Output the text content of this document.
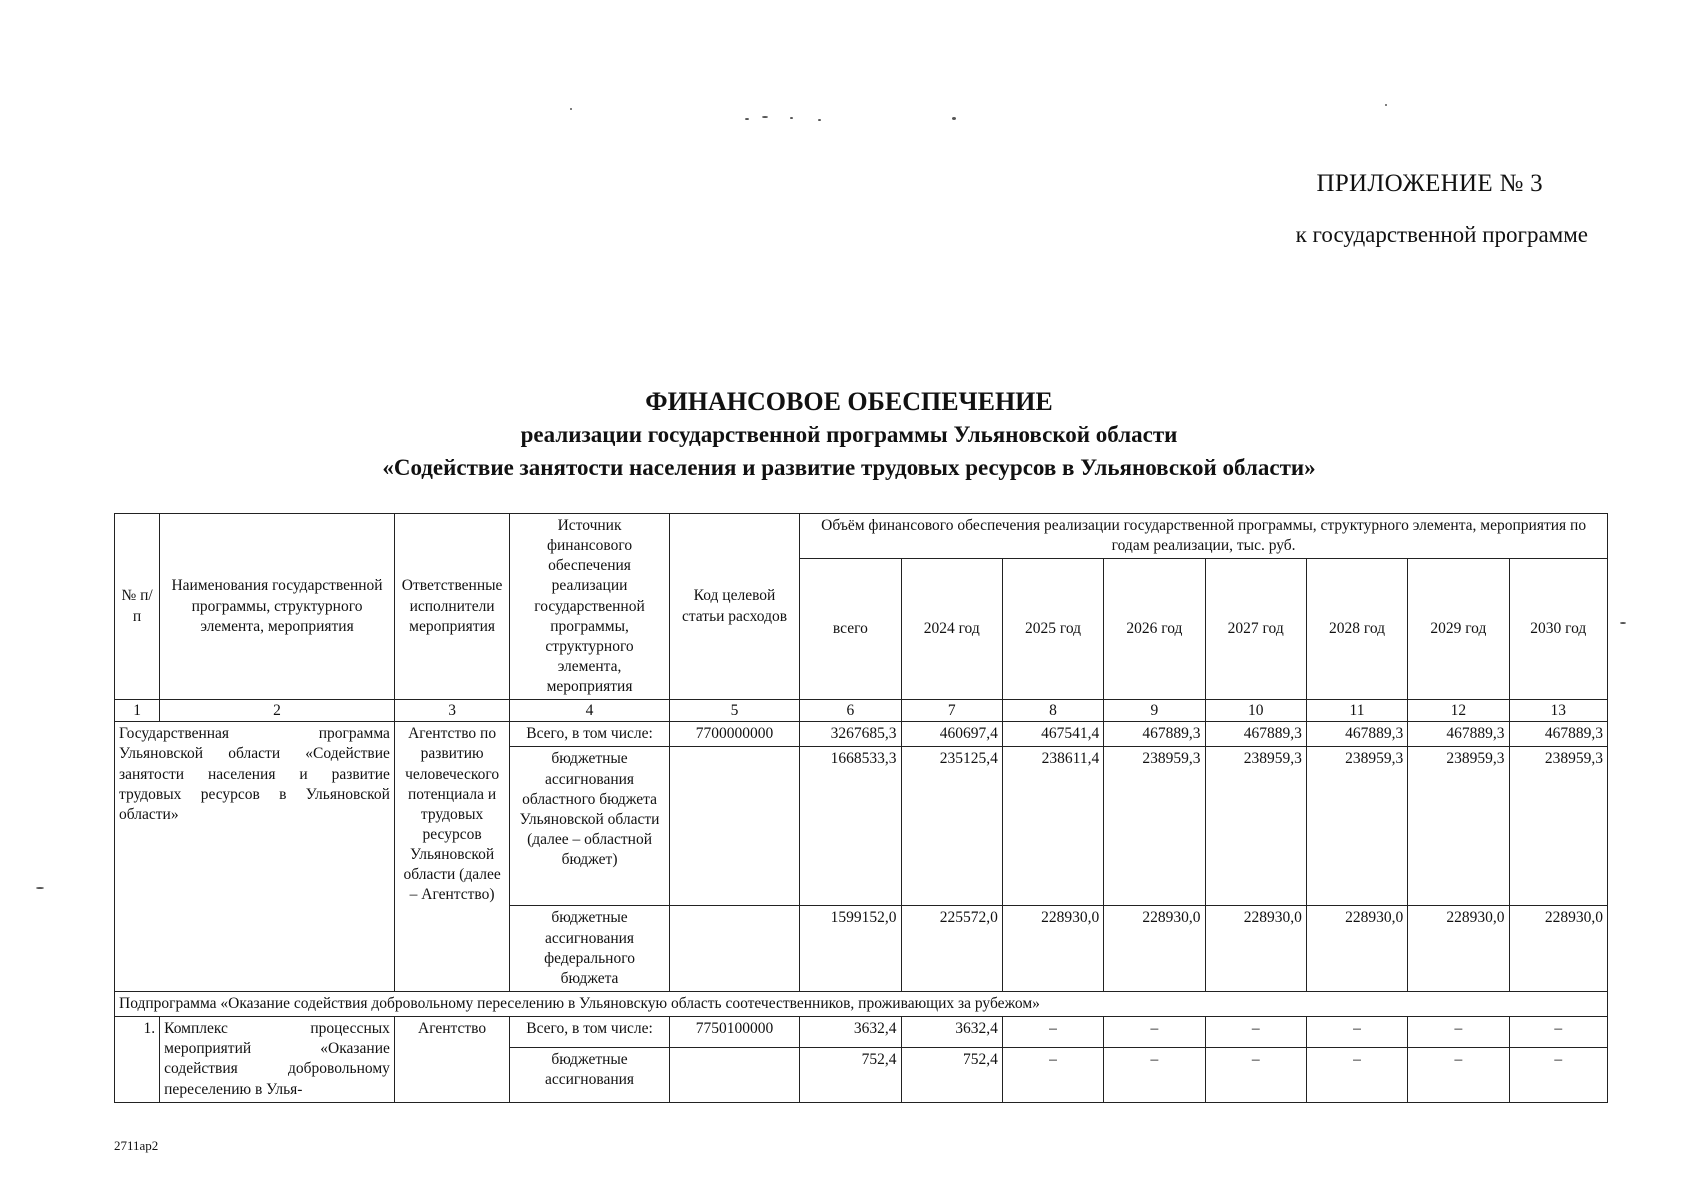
ПРИЛОЖЕНИЕ № 3
к государственной программе
ФИНАНСОВОЕ ОБЕСПЕЧЕНИЕ
реализации государственной программы Ульяновской области
«Содействие занятости населения и развитие трудовых ресурсов в Ульяновской области»
№ п/п	Наименования государственной программы, структурного элемента, мероприятия	Ответственные исполнители мероприятия	Источник финансового обеспечения реализации государственной программы, структурного элемента, мероприятия	Код целевой статьи расходов	Объём финансового обеспечения реализации государственной программы, структурного элемента, мероприятия по годам реализации, тыс. руб.							
					всего	2024 год	2025 год	2026 год	2027 год	2028 год	2029 год	2030 год
1	2	3	4	5	6	7	8	9	10	11	12	13
Государственная программа Ульяновской области «Содействие занятости населения и развитие трудовых ресурсов в Ульяновской области»		Агентство по развитию человеческого потенциала и трудовых ресурсов Ульяновской области (далее – Агентство)	Всего, в том числе:	7700000000	3267685,3	460697,4	467541,4	467889,3	467889,3	467889,3	467889,3	467889,3
			бюджетные ассигнования областного бюджета Ульяновской области (далее – областной бюджет)		1668533,3	235125,4	238611,4	238959,3	238959,3	238959,3	238959,3	238959,3
			бюджетные ассигнования федерального бюджета		1599152,0	225572,0	228930,0	228930,0	228930,0	228930,0	228930,0	228930,0
Подпрограмма «Оказание содействия добровольному переселению в Ульяновскую область соотечественников, проживающих за рубежом»												
1.	Комплекс процессных мероприятий «Оказание содействия добровольному переселению в Улья-	Агентство	Всего, в том числе:	7750100000	3632,4	3632,4	–	–	–	–	–	–
			бюджетные ассигнования		752,4	752,4	–	–	–	–	–	–
2711ap2
